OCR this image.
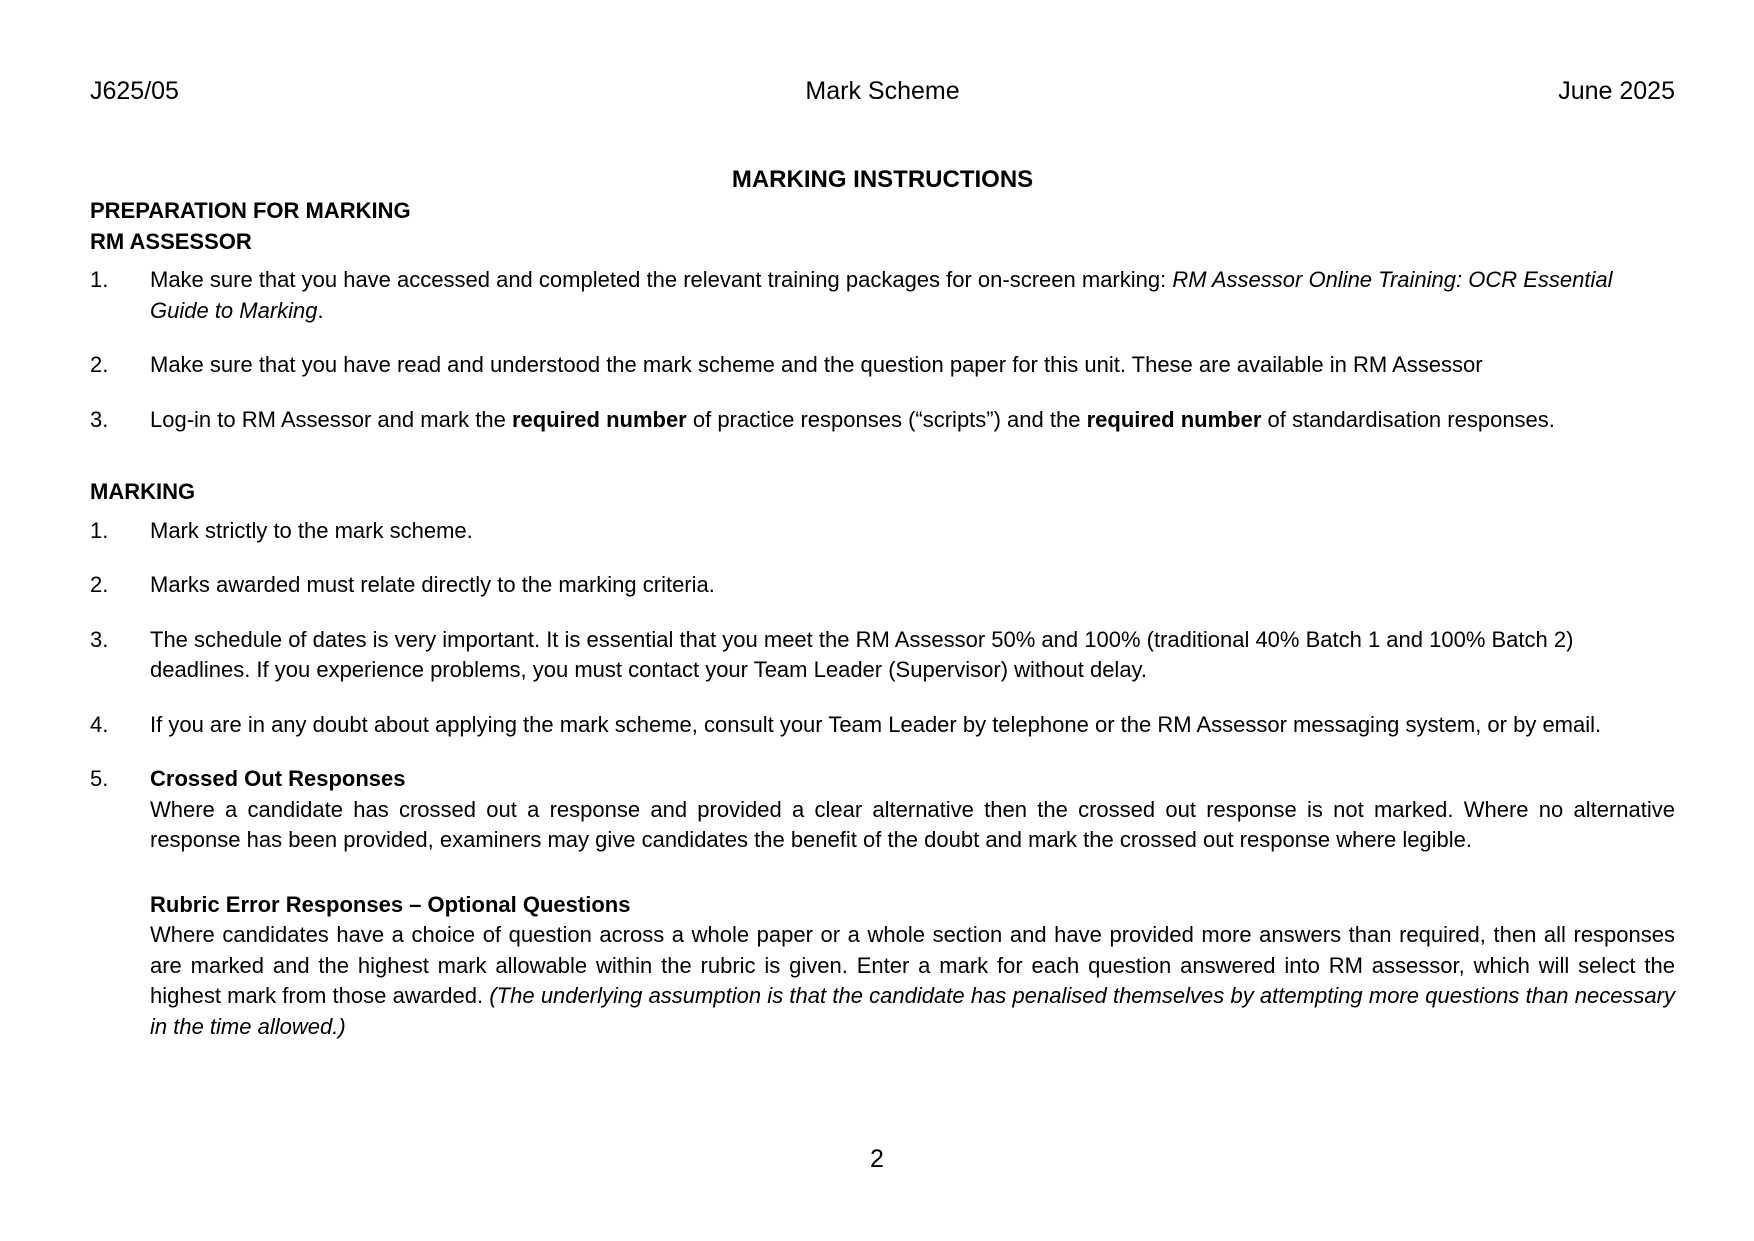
J625/05	Mark Scheme	June 2025

MARKING INSTRUCTIONS

PREPARATION FOR MARKING

RM ASSESSOR

1.	Make sure that you have accessed and completed the relevant training packages for on-screen marking: RM Assessor Online Training: OCR Essential Guide to Marking.
2.	Make sure that you have read and understood the mark scheme and the question paper for this unit. These are available in RM Assessor
3.	Log-in to RM Assessor and mark the required number of practice responses (“scripts”) and the required number of standardisation responses.

MARKING

1.	Mark strictly to the mark scheme.
2.	Marks awarded must relate directly to the marking criteria.
3.	The schedule of dates is very important. It is essential that you meet the RM Assessor 50% and 100% (traditional 40% Batch 1 and 100% Batch 2) deadlines. If you experience problems, you must contact your Team Leader (Supervisor) without delay.
4.	If you are in any doubt about applying the mark scheme, consult your Team Leader by telephone or the RM Assessor messaging system, or by email.
5.	Crossed Out Responses
Where a candidate has crossed out a response and provided a clear alternative then the crossed out response is not marked. Where no alternative response has been provided, examiners may give candidates the benefit of the doubt and mark the crossed out response where legible.
Rubric Error Responses – Optional Questions
Where candidates have a choice of question across a whole paper or a whole section and have provided more answers than required, then all responses are marked and the highest mark allowable within the rubric is given. Enter a mark for each question answered into RM assessor, which will select the highest mark from those awarded. (The underlying assumption is that the candidate has penalised themselves by attempting more questions than necessary in the time allowed.)
2
